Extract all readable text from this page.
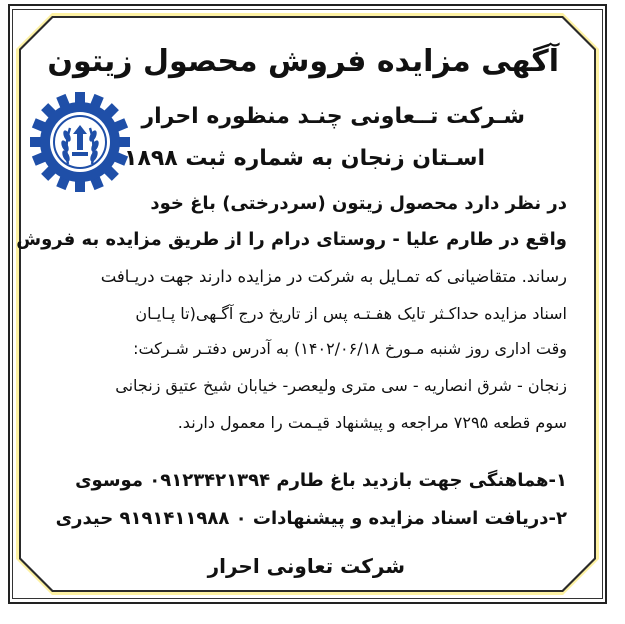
آگهی مزایده فروش محصول زیتون
شـرکت تــعاونی چنـد منظوره احرار
اسـتان زنجان به شماره ثبت ۱۸۹۸
در نظر دارد محصول زیتون (سردرختی) باغ خود
واقع در طارم علیا - روستای درام را از طریق مزایده به فروش
رساند. متقاضیانی که تمـایل به شرکت در مزایده دارند جهت دریـافت
اسناد مزایده حداکـثر تایک هفـتـه پس از تاریخ درج آگـهی(تا پـایـان
وقت اداری روز شنبه مـورخ ۱۴۰۲/۰۶/۱۸) به آدرس دفتـر شـرکت:
زنجان - شرق انصاریه - سی متری ولیعصر- خیابان شیخ عتیق زنجانی
سوم قطعه ۷۲۹۵ مراجعه و پیشنهاد قیـمت را معمول دارند.
۱-هماهنگی جهت بازدید باغ طارم ۰۹۱۲۳۴۲۱۳۹۴ موسوی
۲-دریافت اسناد مزایده و پیشنهادات ۰ ۹۱۹۱۴۱۱۹۸۸ حیدری
شرکت تعاونی احرار
